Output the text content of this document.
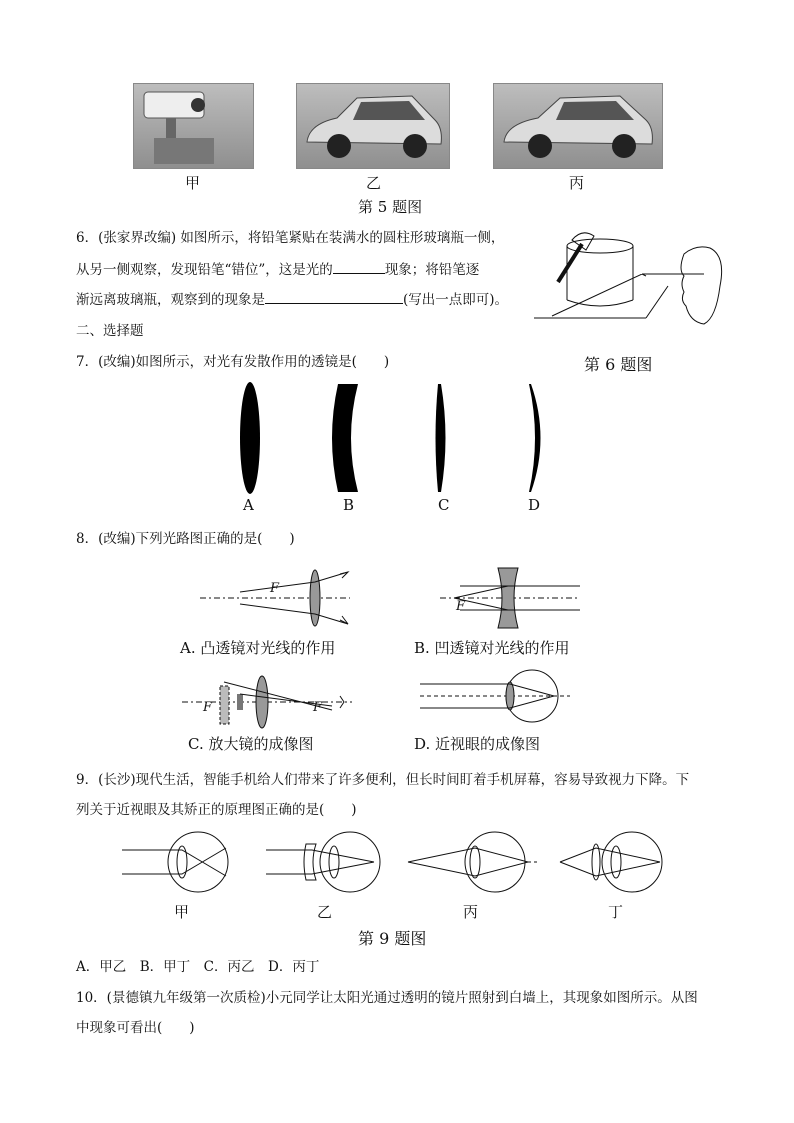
甲	乙	丙
第 5 题图
6．(张家界改编) 如图所示，将铅笔紧贴在装满水的圆柱形玻璃瓶一侧，
从另一侧观察，发现铅笔“错位”，这是光的	现象；将铅笔逐
渐远离玻璃瓶，观察到的现象是	(写出一点即可)。
第 6 题图
二、选择题
7．(改编)如图所示，对光有发散作用的透镜是(　　)
A	B	C	D
8．(改编)下列光路图正确的是(　　)
F
A. 凸透镜对光线的作用
F
B. 凹透镜对光线的作用
F	F
C. 放大镜的成像图	D. 近视眼的成像图
9．(长沙)现代生活，智能手机给人们带来了许多便利，但长时间盯着手机屏幕，容易导致视力下降。下
列关于近视眼及其矫正的原理图正确的是(　　)
甲	乙	丙	丁
第 9 题图
A．甲乙　B．甲丁　C．丙乙　D．丙丁
10．(景德镇九年级第一次质检)小元同学让太阳光通过透明的镜片照射到白墙上，其现象如图所示。从图
中现象可看出(　　)
